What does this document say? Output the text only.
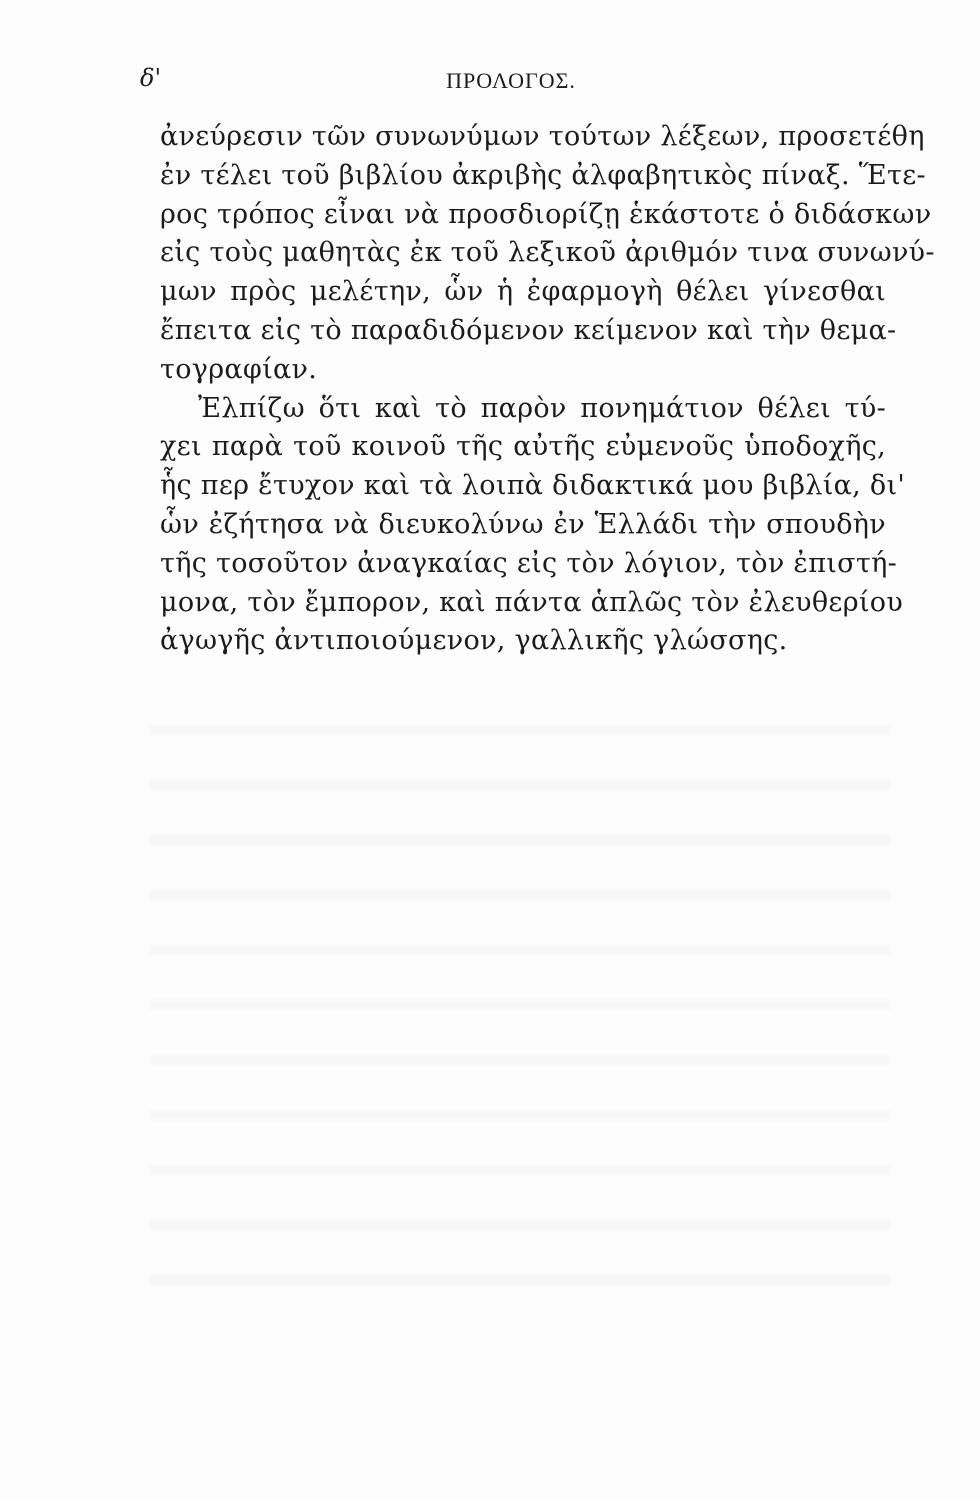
δ'	ΠΡΟΛΟΓΟΣ.
ἀνεύρεσιν τῶν συνωνύμων τούτων λέξεων, προσετέθη
ἐν τέλει τοῦ βιβλίου ἀκριβὴς ἀλφαβητικὸς πίναξ. Ἕτε-
ρος τρόπος εἶναι νὰ προσδιορίζῃ ἑκάστοτε ὁ διδάσκων
εἰς τοὺς μαθητὰς ἐκ τοῦ λεξικοῦ ἀριθμόν τινα συνωνύ-
μων πρὸς μελέτην, ὧν ἡ ἐφαρμογὴ θέλει γίνεσθαι
ἔπειτα εἰς τὸ παραδιδόμενον κείμενον καὶ τὴν θεμα-
τογραφίαν.
Ἐλπίζω ὅτι καὶ τὸ παρὸν πονημάτιον θέλει τύ-
χει παρὰ τοῦ κοινοῦ τῆς αὐτῆς εὐμενοῦς ὑποδοχῆς,
ἧς περ ἔτυχον καὶ τὰ λοιπὰ διδακτικά μου βιβλία, δι'
ὧν ἐζήτησα νὰ διευκολύνω ἐν Ἑλλάδι τὴν σπουδὴν
τῆς τοσοῦτον ἀναγκαίας εἰς τὸν λόγιον, τὸν ἐπιστή-
μονα, τὸν ἔμπορον, καὶ πάντα ἁπλῶς τὸν ἐλευθερίου
ἀγωγῆς ἀντιποιούμενον, γαλλικῆς γλώσσης.
